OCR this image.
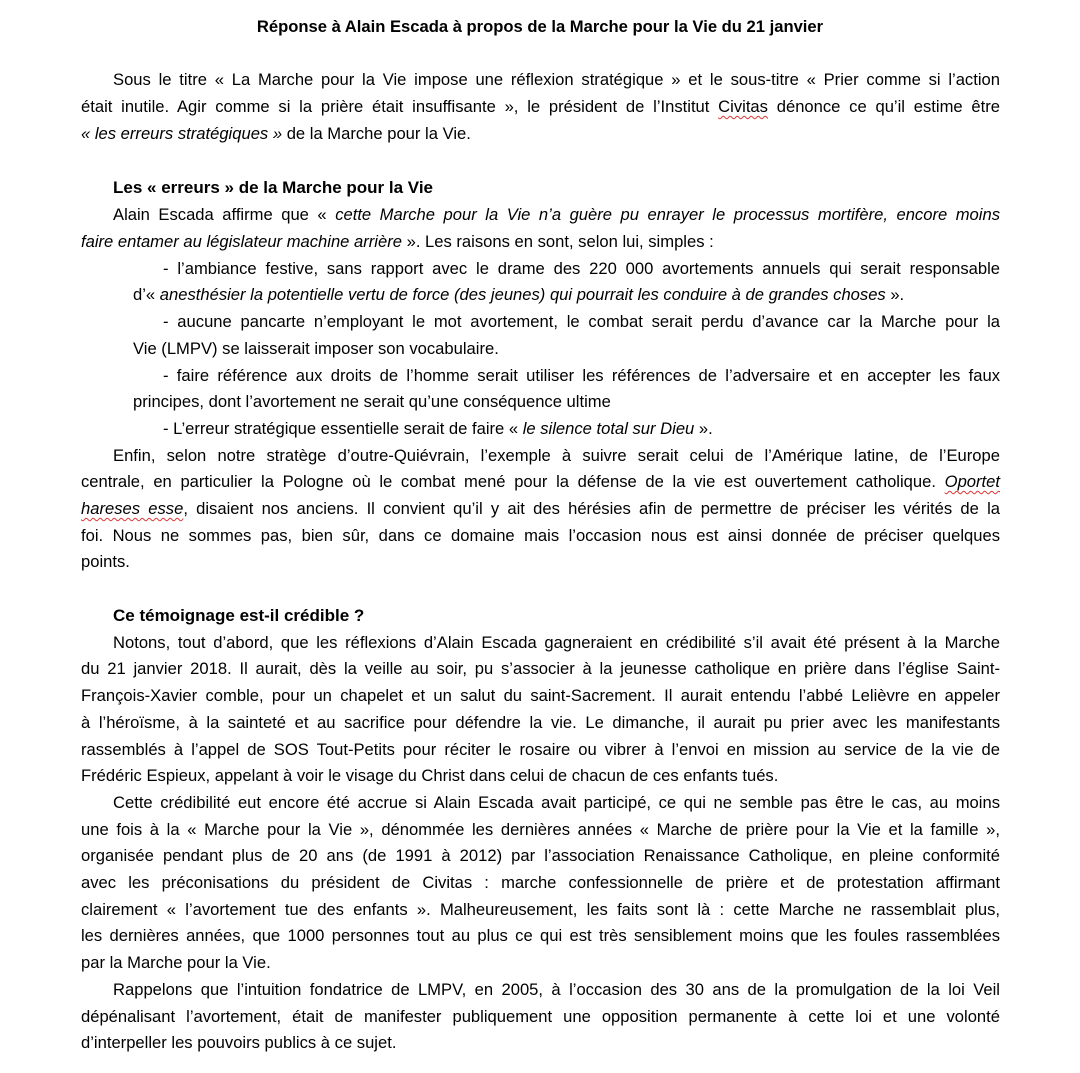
Réponse à Alain Escada à propos de la Marche pour la Vie du 21 janvier
Sous le titre « La Marche pour la Vie impose une réflexion stratégique » et le sous-titre « Prier comme si l’action
était inutile. Agir comme si la prière était insuffisante », le président de l’Institut Civitas dénonce ce qu’il estime être
« les erreurs stratégiques » de la Marche pour la Vie.
Les « erreurs » de la Marche pour la Vie
Alain Escada affirme que « cette Marche pour la Vie n’a guère pu enrayer le processus mortifère, encore moins
faire entamer au législateur machine arrière ». Les raisons en sont, selon lui, simples :
- l’ambiance festive, sans rapport avec le drame des 220 000 avortements annuels qui serait responsable
d’« anesthésier la potentielle vertu de force (des jeunes) qui pourrait les conduire à de grandes choses ».
- aucune pancarte n’employant le mot avortement, le combat serait perdu d’avance car la Marche pour la
Vie (LMPV) se laisserait imposer son vocabulaire.
- faire référence aux droits de l’homme serait utiliser les références de l’adversaire et en accepter les faux
principes, dont l’avortement ne serait qu’une conséquence ultime
- L’erreur stratégique essentielle serait de faire « le silence total sur Dieu ».
Enfin, selon notre stratège d’outre-Quiévrain, l’exemple à suivre serait celui de l’Amérique latine, de l’Europe
centrale, en particulier la Pologne où le combat mené pour la défense de la vie est ouvertement catholique. Oportet
hareses esse, disaient nos anciens. Il convient qu’il y ait des hérésies afin de permettre de préciser les vérités de la
foi. Nous ne sommes pas, bien sûr, dans ce domaine mais l’occasion nous est ainsi donnée de préciser quelques
points.
Ce témoignage est-il crédible ?
Notons, tout d’abord, que les réflexions d’Alain Escada gagneraient en crédibilité s’il avait été présent à la Marche
du 21 janvier 2018. Il aurait, dès la veille au soir, pu s’associer à la jeunesse catholique en prière dans l’église Saint-
François-Xavier comble, pour un chapelet et un salut du saint-Sacrement. Il aurait entendu l’abbé Lelièvre en appeler
à l’héroïsme, à la sainteté et au sacrifice pour défendre la vie. Le dimanche, il aurait pu prier avec les manifestants
rassemblés à l’appel de SOS Tout-Petits pour réciter le rosaire ou vibrer à l’envoi en mission au service de la vie de
Frédéric Espieux, appelant à voir le visage du Christ dans celui de chacun de ces enfants tués.
Cette crédibilité eut encore été accrue si Alain Escada avait participé, ce qui ne semble pas être le cas, au moins
une fois à la « Marche pour la Vie », dénommée les dernières années « Marche de prière pour la Vie et la famille »,
organisée pendant plus de 20 ans (de 1991 à 2012) par l’association Renaissance Catholique, en pleine conformité
avec les préconisations du président de Civitas : marche confessionnelle de prière et de protestation affirmant
clairement « l’avortement tue des enfants ». Malheureusement, les faits sont là : cette Marche ne rassemblait plus,
les dernières années, que 1000 personnes tout au plus ce qui est très sensiblement moins que les foules rassemblées
par la Marche pour la Vie.
Rappelons que l’intuition fondatrice de LMPV, en 2005, à l’occasion des 30 ans de la promulgation de la loi Veil
dépénalisant l’avortement, était de manifester publiquement une opposition permanente à cette loi et une volonté
d’interpeller les pouvoirs publics à ce sujet.
